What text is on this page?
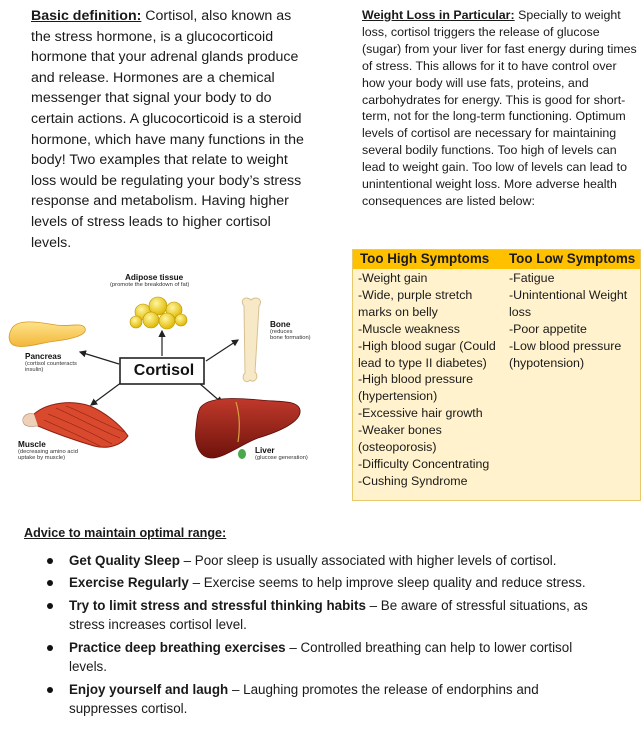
Basic definition: Cortisol, also known as the stress hormone, is a glucocorticoid hormone that your adrenal glands produce and release. Hormones are a chemical messenger that signal your body to do certain actions. A glucocorticoid is a steroid hormone, which have many functions in the body! Two examples that relate to weight loss would be regulating your body’s stress response and metabolism. Having higher levels of stress leads to higher cortisol levels.
Weight Loss in Particular: Specially to weight loss, cortisol triggers the release of glucose (sugar) from your liver for fast energy during times of stress. This allows for it to have control over how your body will use fats, proteins, and carbohydrates for energy. This is good for short-term, not for the long-term functioning. Optimum levels of cortisol are necessary for maintaining several bodily functions. Too high of levels can lead to weight gain. Too low of levels can lead to unintentional weight loss. More adverse health consequences are listed below:
Cortisol
Adipose tissue
(promote the breakdown of fat)
Bone
(reduces
bone formation)
Pancreas
(cortisol counteracts
insulin)
Muscle
(decreasing amino acid
uptake by muscle)
Liver
(glucose generation)
Too High Symptoms Too Low Symptoms
-Weight gain
-Wide, purple stretch marks on belly
-Muscle weakness
-High blood sugar (Could lead to type II diabetes)
-High blood pressure (hypertension)
-Excessive hair growth
-Weaker bones (osteoporosis)
-Difficulty Concentrating
-Cushing Syndrome
-Fatigue
-Unintentional Weight loss
-Poor appetite
-Low blood pressure (hypotension)
Advice to maintain optimal range:
Get Quality Sleep – Poor sleep is usually associated with higher levels of cortisol.
Exercise Regularly – Exercise seems to help improve sleep quality and reduce stress.
Try to limit stress and stressful thinking habits – Be aware of stressful situations, as stress increases cortisol level.
Practice deep breathing exercises – Controlled breathing can help to lower cortisol levels.
Enjoy yourself and laugh – Laughing promotes the release of endorphins and suppresses cortisol.
